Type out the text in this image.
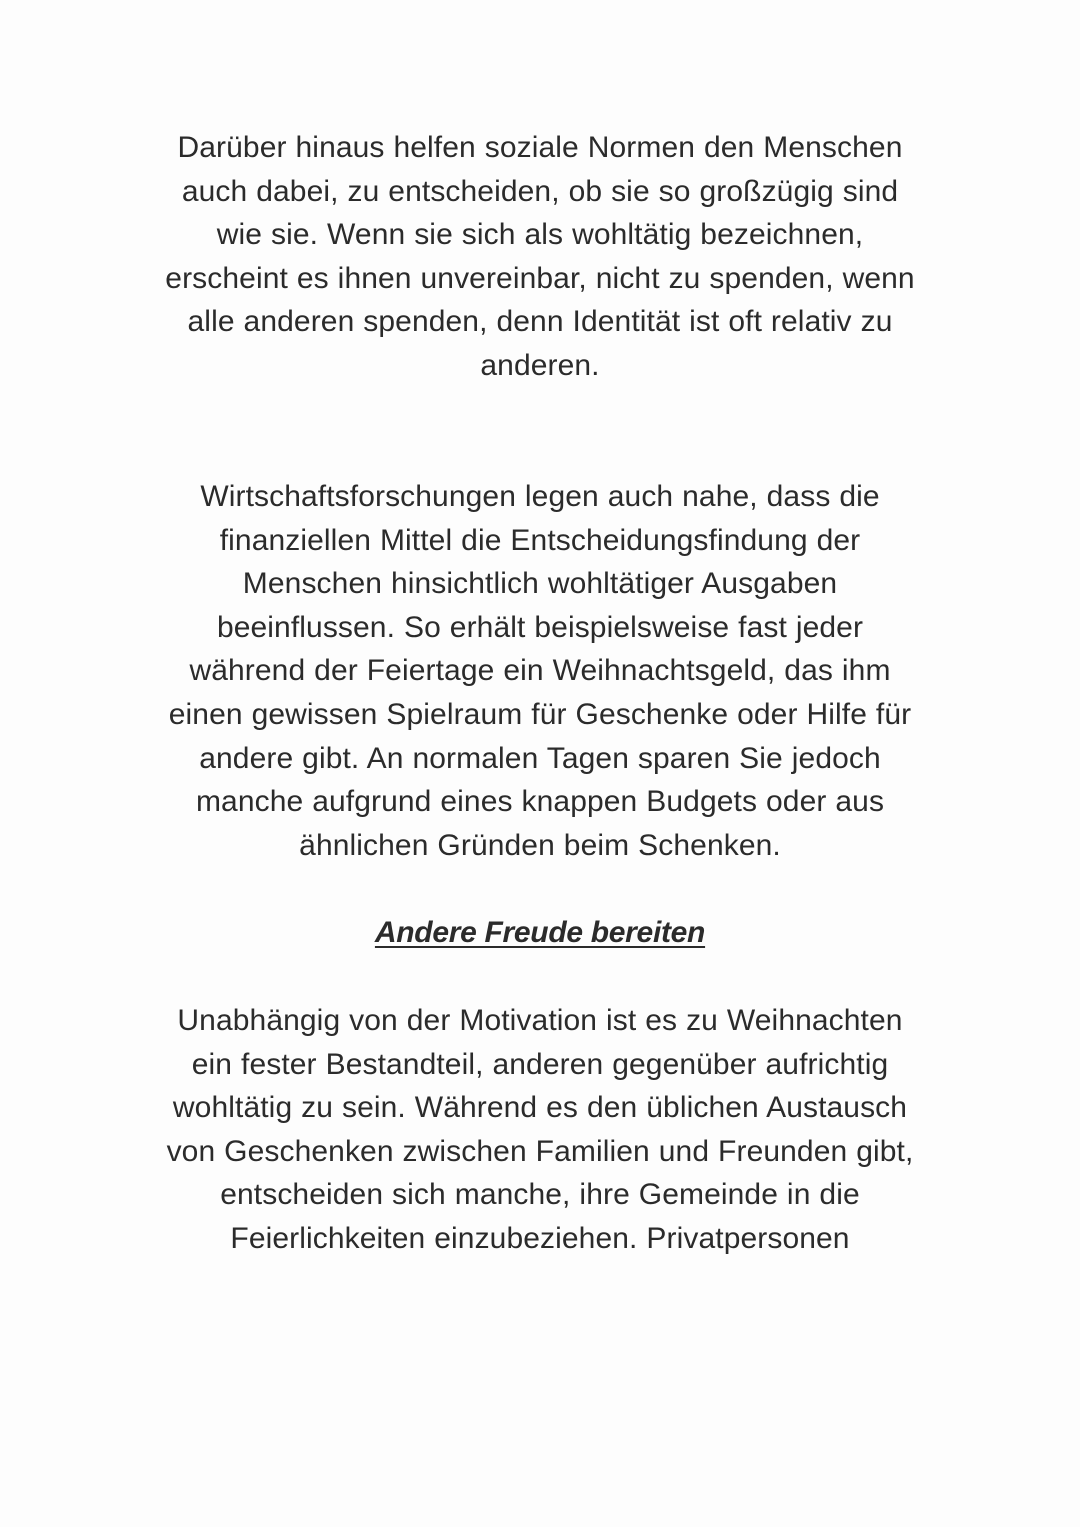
Darüber hinaus helfen soziale Normen den Menschen
auch dabei, zu entscheiden, ob sie so großzügig sind
wie sie. Wenn sie sich als wohltätig bezeichnen,
erscheint es ihnen unvereinbar, nicht zu spenden, wenn
alle anderen spenden, denn Identität ist oft relativ zu
anderen.

Wirtschaftsforschungen legen auch nahe, dass die
finanziellen Mittel die Entscheidungsfindung der
Menschen hinsichtlich wohltätiger Ausgaben
beeinflussen. So erhält beispielsweise fast jeder
während der Feiertage ein Weihnachtsgeld, das ihm
einen gewissen Spielraum für Geschenke oder Hilfe für
andere gibt. An normalen Tagen sparen Sie jedoch
manche aufgrund eines knappen Budgets oder aus
ähnlichen Gründen beim Schenken.

Andere Freude bereiten

Unabhängig von der Motivation ist es zu Weihnachten
ein fester Bestandteil, anderen gegenüber aufrichtig
wohltätig zu sein. Während es den üblichen Austausch
von Geschenken zwischen Familien und Freunden gibt,
entscheiden sich manche, ihre Gemeinde in die
Feierlichkeiten einzubeziehen. Privatpersonen
